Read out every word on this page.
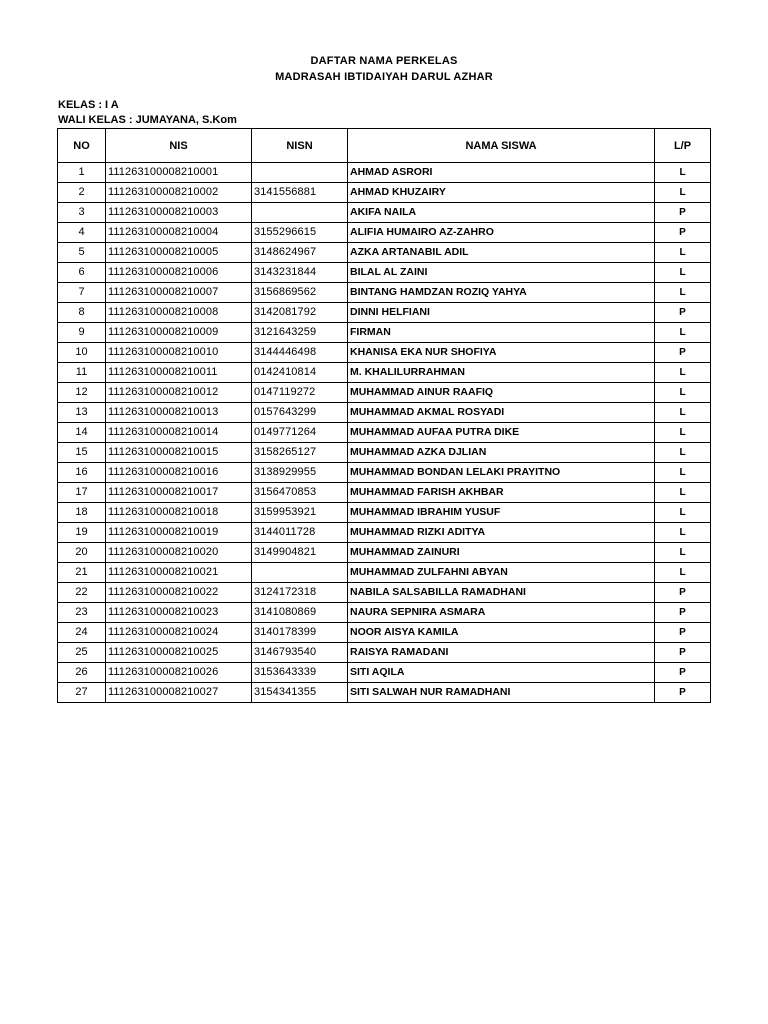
DAFTAR NAMA PERKELAS
MADRASAH IBTIDAIYAH DARUL AZHAR
KELAS : I A
WALI KELAS : JUMAYANA, S.Kom
NO	NIS	NISN	NAMA SISWA	L/P
1	111263100008210001		AHMAD ASRORI	L
2	111263100008210002	3141556881	AHMAD KHUZAIRY	L
3	111263100008210003		AKIFA NAILA	P
4	111263100008210004	3155296615	ALIFIA HUMAIRO AZ-ZAHRO	P
5	111263100008210005	3148624967	AZKA ARTANABIL ADIL	L
6	111263100008210006	3143231844	BILAL AL ZAINI	L
7	111263100008210007	3156869562	BINTANG HAMDZAN ROZIQ YAHYA	L
8	111263100008210008	3142081792	DINNI HELFIANI	P
9	111263100008210009	3121643259	FIRMAN	L
10	111263100008210010	3144446498	KHANISA EKA NUR SHOFIYA	P
11	111263100008210011	0142410814	M. KHALILURRAHMAN	L
12	111263100008210012	0147119272	MUHAMMAD AINUR RAAFIQ	L
13	111263100008210013	0157643299	MUHAMMAD AKMAL ROSYADI	L
14	111263100008210014	0149771264	MUHAMMAD AUFAA PUTRA DIKE	L
15	111263100008210015	3158265127	MUHAMMAD AZKA DJLIAN	L
16	111263100008210016	3138929955	MUHAMMAD BONDAN LELAKI PRAYITNO	L
17	111263100008210017	3156470853	MUHAMMAD FARISH AKHBAR	L
18	111263100008210018	3159953921	MUHAMMAD IBRAHIM YUSUF	L
19	111263100008210019	3144011728	MUHAMMAD RIZKI ADITYA	L
20	111263100008210020	3149904821	MUHAMMAD ZAINURI	L
21	111263100008210021		MUHAMMAD ZULFAHNI ABYAN	L
22	111263100008210022	3124172318	NABILA SALSABILLA RAMADHANI	P
23	111263100008210023	3141080869	NAURA SEPNIRA ASMARA	P
24	111263100008210024	3140178399	NOOR AISYA KAMILA	P
25	111263100008210025	3146793540	RAISYA RAMADANI	P
26	111263100008210026	3153643339	SITI AQILA	P
27	111263100008210027	3154341355	SITI SALWAH NUR RAMADHANI	P
